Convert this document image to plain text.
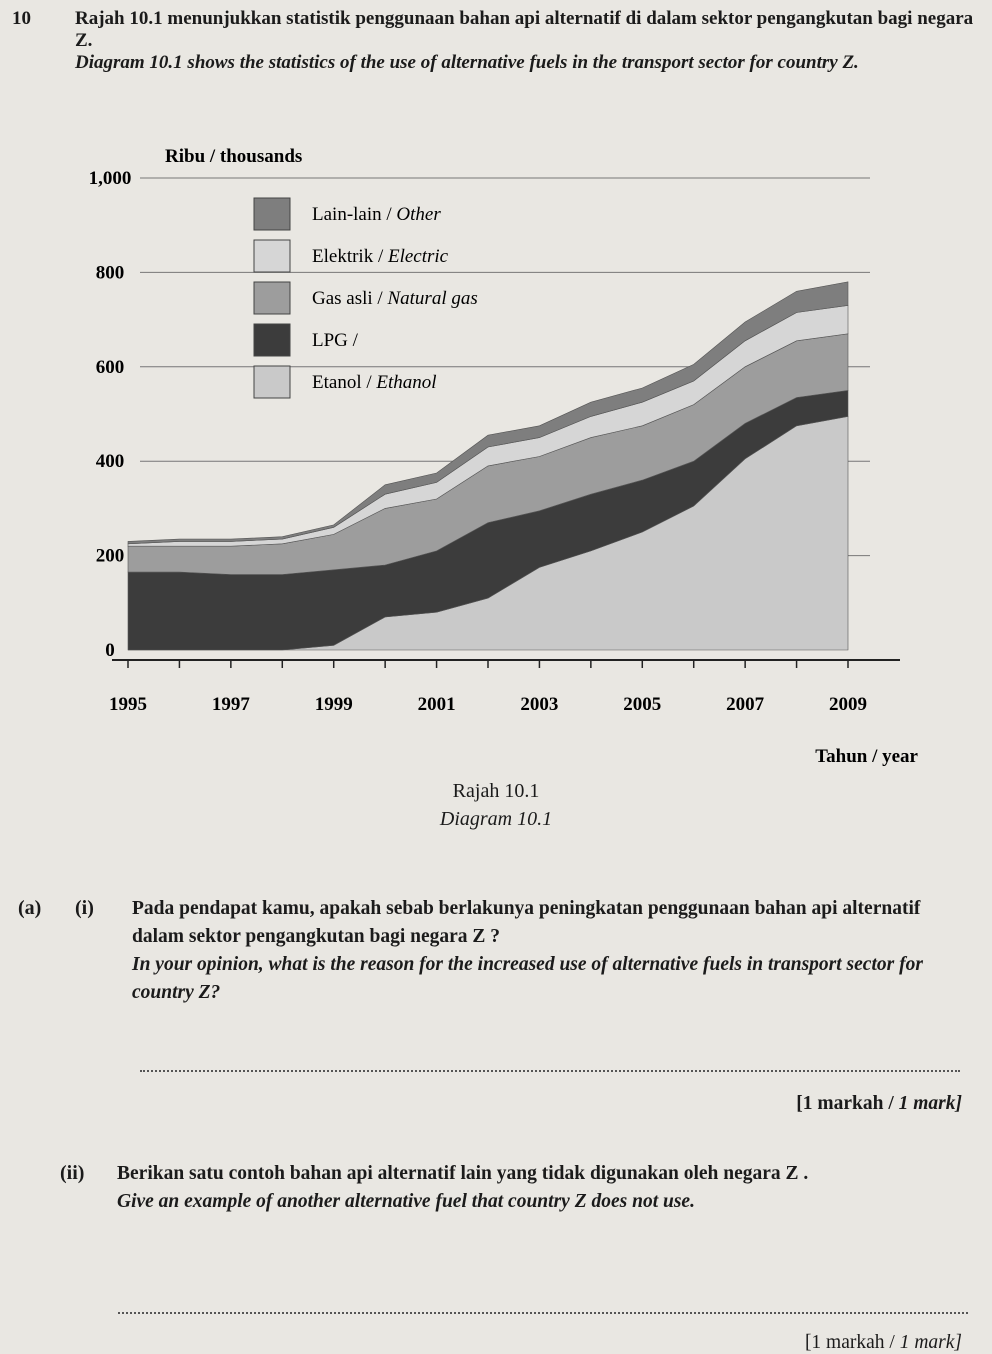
10 Rajah 10.1 menunjukkan statistik penggunaan bahan api alternatif di dalam sektor pengangkutan bagi negara Z.
Diagram 10.1 shows the statistics of the use of alternative fuels in the transport sector for country Z.
0
200
400
600
800
1,000
1995	1997	1999	2001	2003	2005	2007	2009
Lain-lain / Other
Elektrik / Electric
Gas asli / Natural gas
LPG /
Etanol / Ethanol
Ribu / thousands
Tahun / year
Rajah 10.1
Diagram 10.1
(a) (i) Pada pendapat kamu, apakah sebab berlakunya peningkatan penggunaan bahan api alternatif dalam sektor pengangkutan bagi negara Z ?
In your opinion, what is the reason for the increased use of alternative fuels in transport sector for country Z?
[1 markah / 1 mark]
(ii) Berikan satu contoh bahan api alternatif lain yang tidak digunakan oleh negara Z .
Give an example of another alternative fuel that country Z does not use.
[1 markah / 1 mark]
